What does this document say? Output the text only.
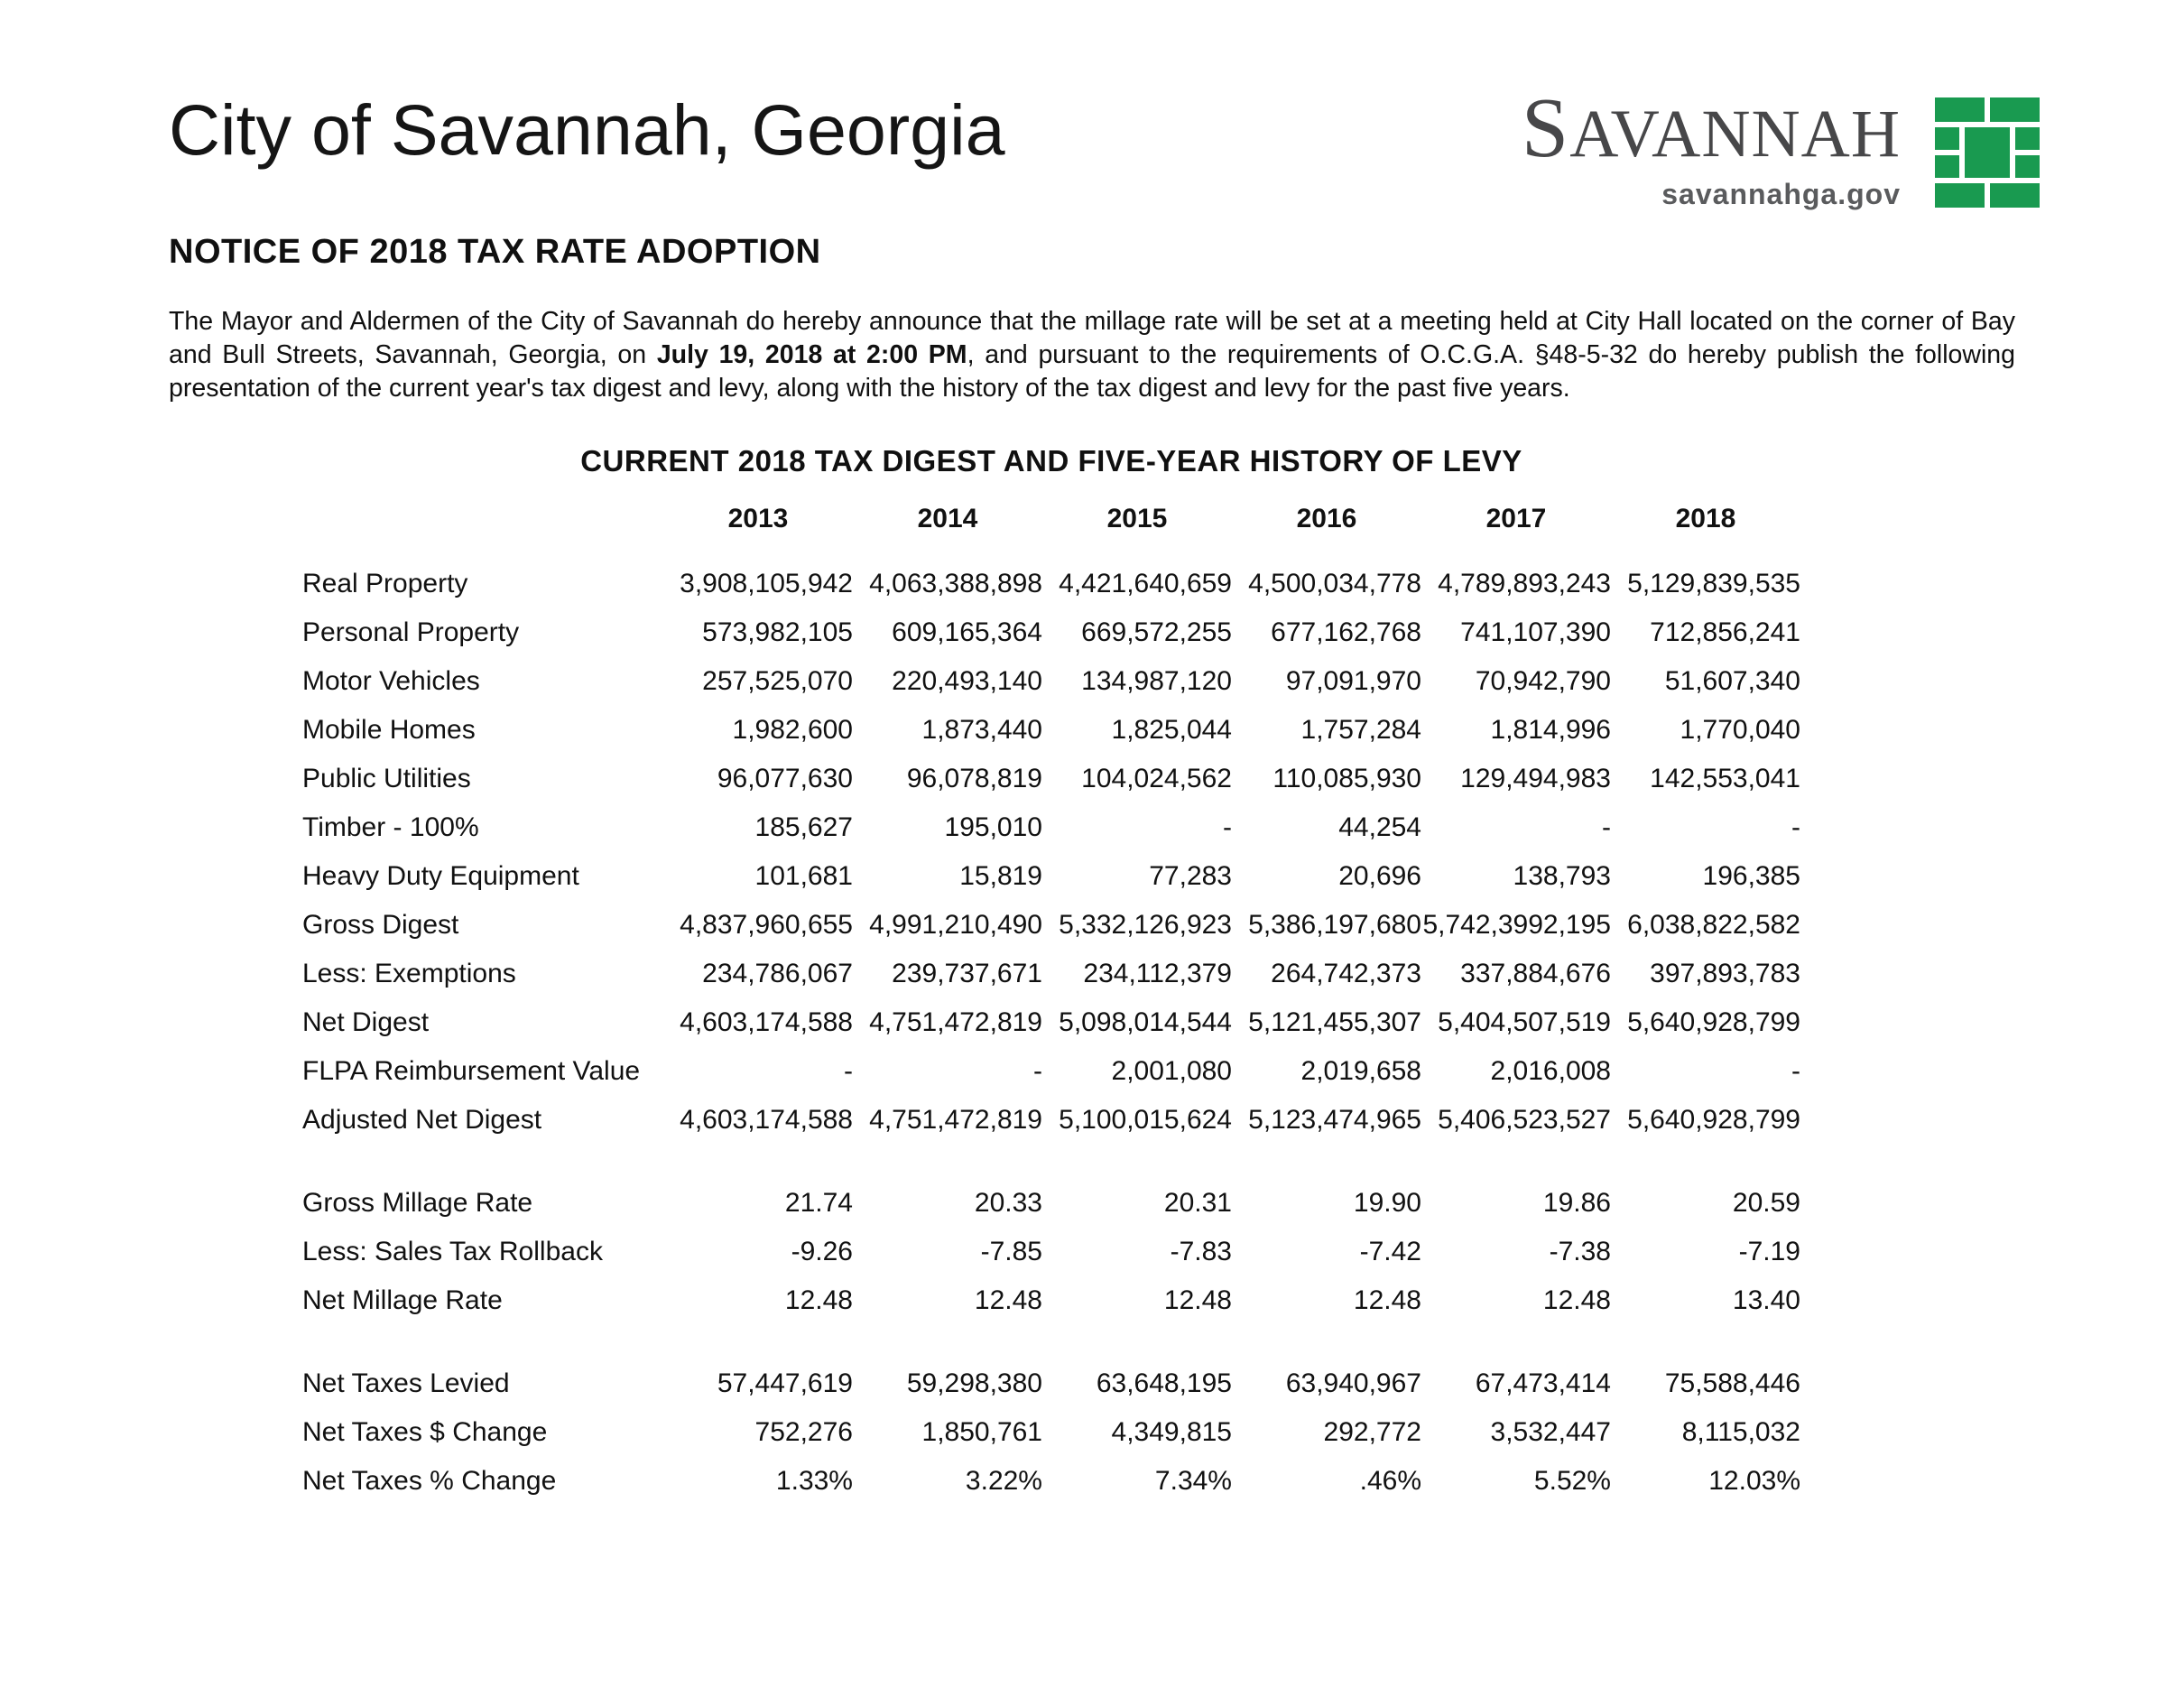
City of Savannah, Georgia	SAVANNAH
savannahga.gov
NOTICE OF 2018 TAX RATE ADOPTION

The Mayor and Aldermen of the City of Savannah do hereby announce that the millage rate will be set at a meeting held at City Hall located on the corner of Bay and Bull Streets, Savannah, Georgia, on July 19, 2018 at 2:00 PM, and pursuant to the requirements of O.C.G.A. §48-5-32 do hereby publish the following presentation of the current year's tax digest and levy, along with the history of the tax digest and levy for the past five years.

CURRENT 2018 TAX DIGEST AND FIVE-YEAR HISTORY OF LEVY
2013	2014	2015	2016	2017	2018
Real Property	3,908,105,942 4,063,388,898 4,421,640,659 4,500,034,778 4,789,893,243 5,129,839,535
Personal Property	573,982,105	609,165,364	669,572,255	677,162,768	741,107,390	712,856,241
Motor Vehicles	257,525,070	220,493,140	134,987,120	97,091,970	70,942,790	51,607,340
Mobile Homes	1,982,600	1,873,440	1,825,044	1,757,284	1,814,996	1,770,040
Public Utilities	96,077,630	96,078,819	104,024,562	110,085,930	129,494,983	142,553,041
Timber - 100%	185,627	195,010	-	44,254	-	-
Heavy Duty Equipment	101,681	15,819	77,283	20,696	138,793	196,385
Gross Digest	4,837,960,655 4,991,210,490 5,332,126,923 5,386,197,680 5,742,3992,195 6,038,822,582
Less: Exemptions	234,786,067	239,737,671	234,112,379	264,742,373	337,884,676	397,893,783
Net Digest	4,603,174,588 4,751,472,819 5,098,014,544 5,121,455,307 5,404,507,519 5,640,928,799
FLPA Reimbursement Value	-	-	2,001,080	2,019,658	2,016,008	-
Adjusted Net Digest	4,603,174,588 4,751,472,819 5,100,015,624 5,123,474,965 5,406,523,527 5,640,928,799
Gross Millage Rate	21.74	20.33	20.31	19.90	19.86	20.59
Less: Sales Tax Rollback	-9.26	-7.85	-7.83	-7.42	-7.38	-7.19
Net Millage Rate	12.48	12.48	12.48	12.48	12.48	13.40
Net Taxes Levied	57,447,619	59,298,380	63,648,195	63,940,967	67,473,414	75,588,446
Net Taxes $ Change	752,276	1,850,761	4,349,815	292,772	3,532,447	8,115,032
Net Taxes % Change	1.33%	3.22%	7.34%	.46%	5.52%	12.03%
